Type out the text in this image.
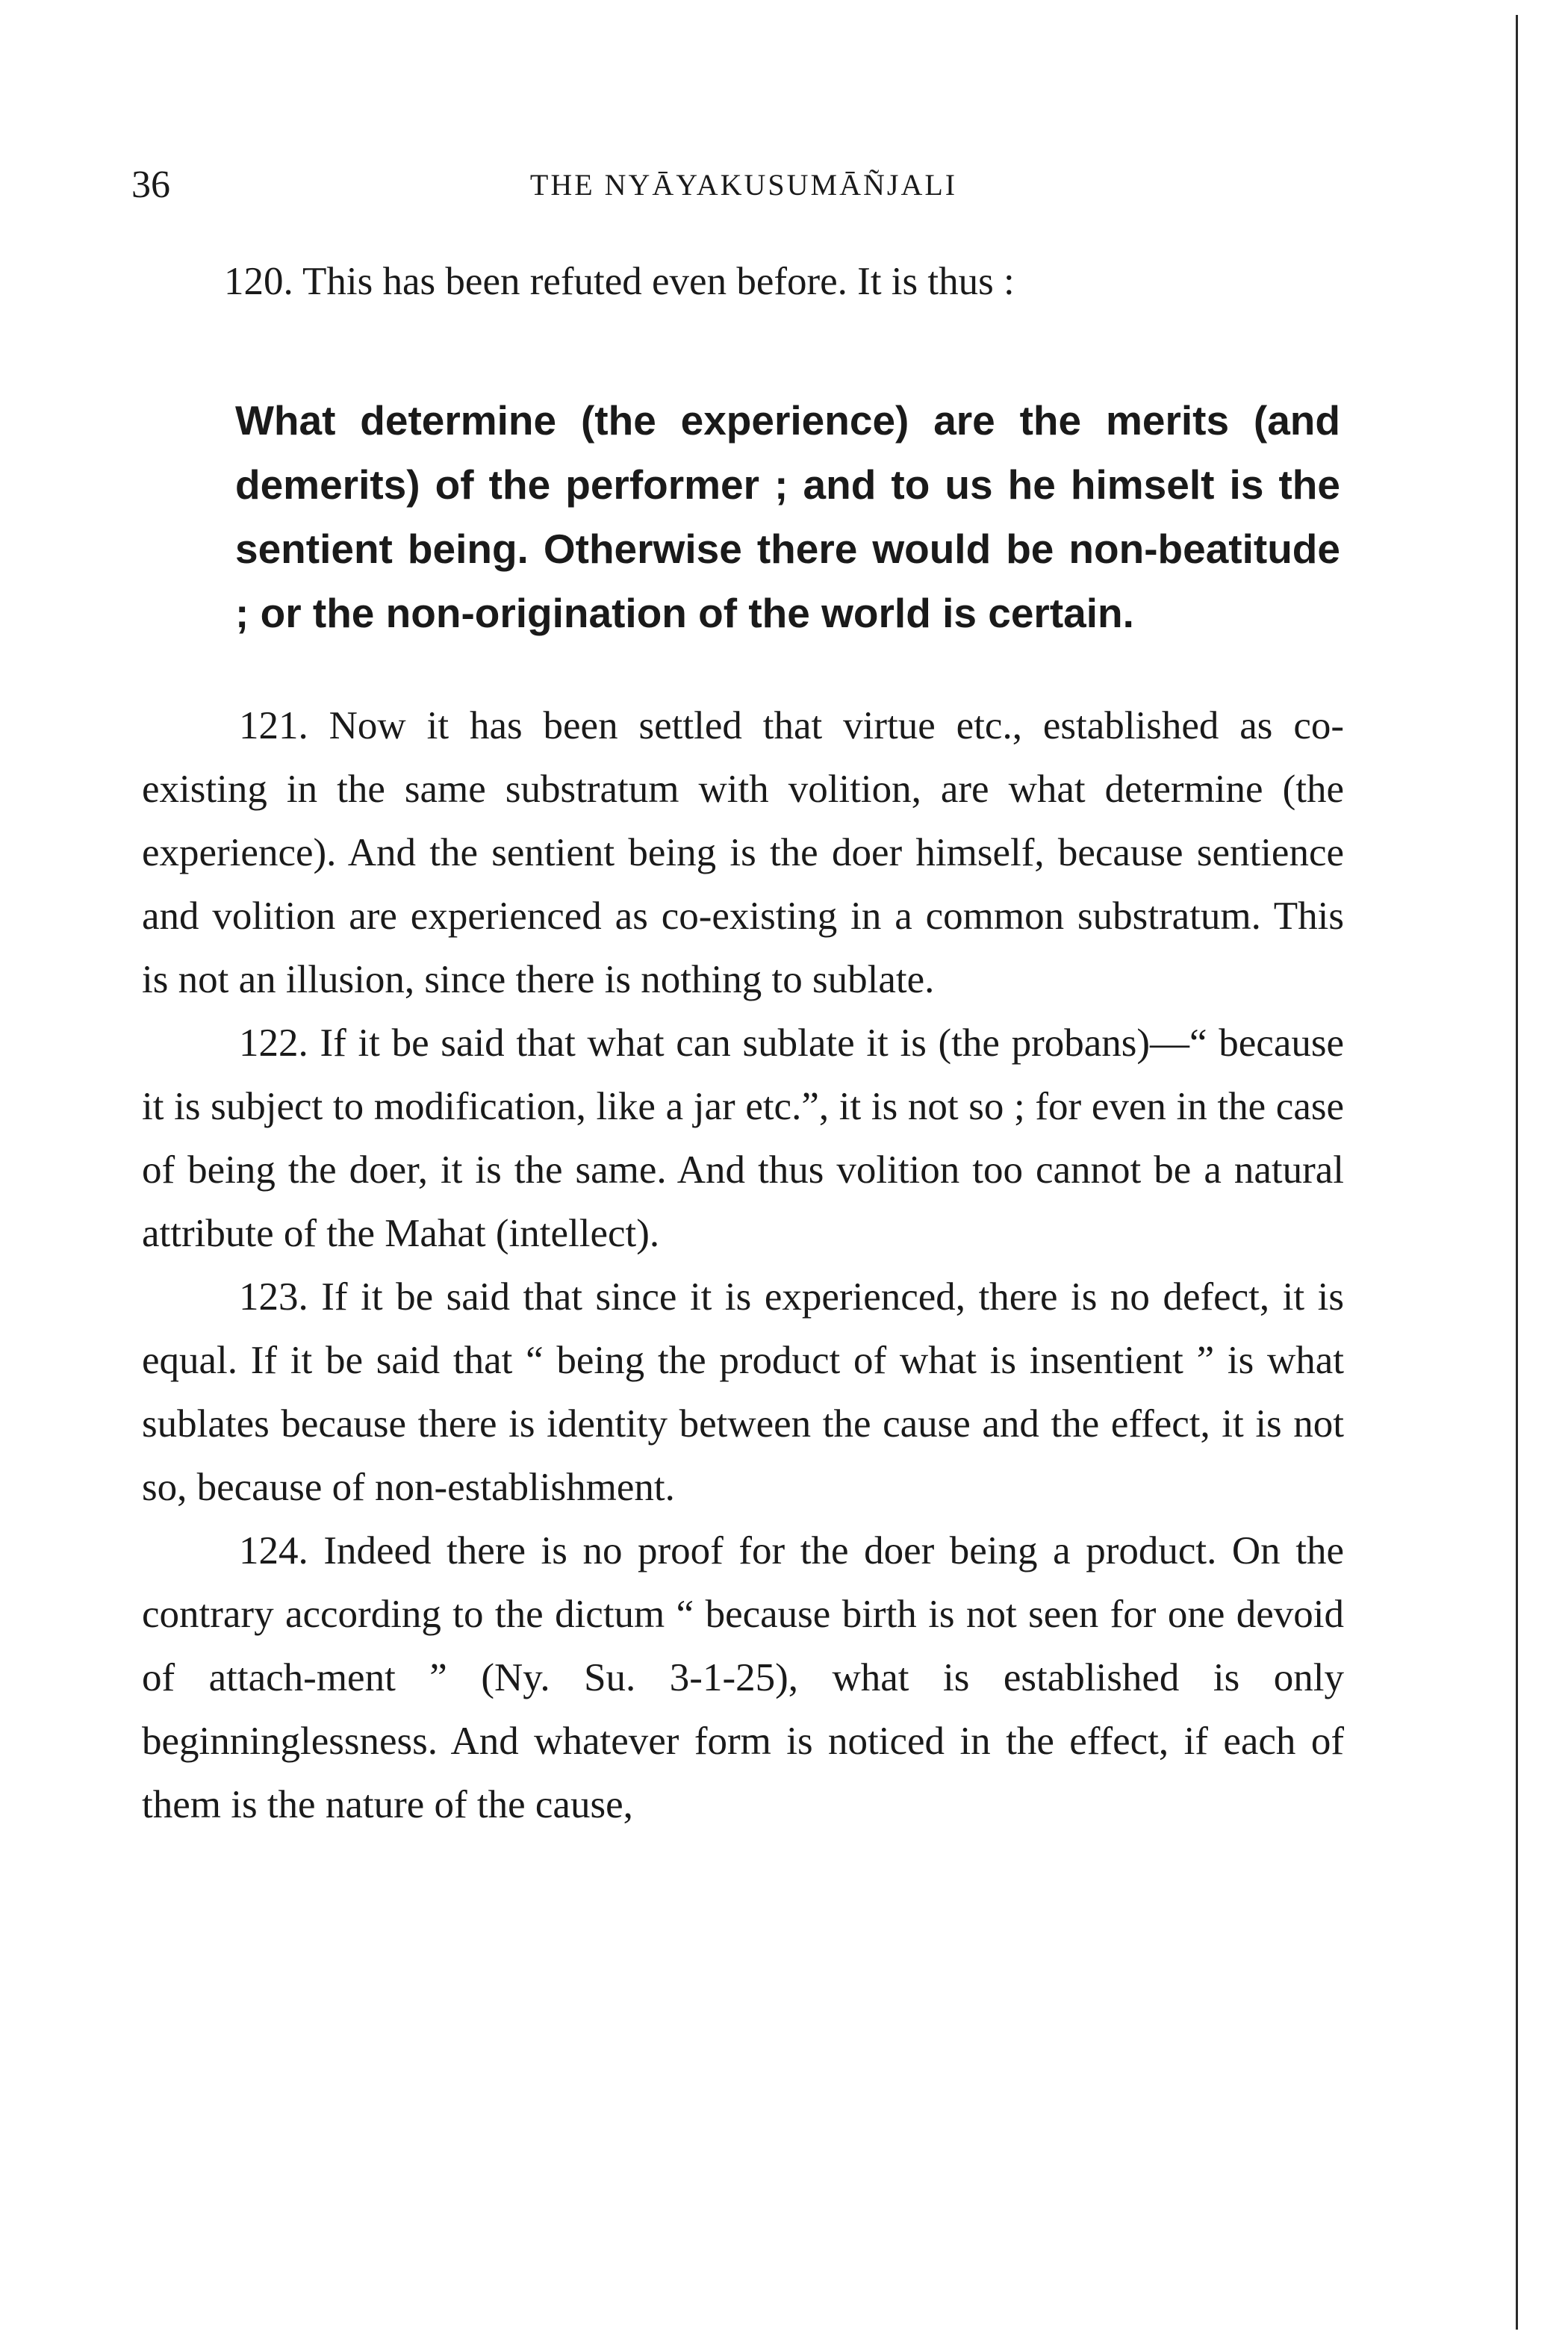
36	THE NYĀYAKUSUMĀÑJALI

120. This has been refuted even before. It is thus :

What determine (the experience) are the merits (and demerits) of the performer ; and to us he himselt is the sentient being. Otherwise there would be non-beatitude ; or the non-origination of the world is certain.

121. Now it has been settled that virtue etc., established as co-existing in the same substratum with volition, are what determine (the experience). And the sentient being is the doer himself, because sentience and volition are experienced as co-existing in a common substratum. This is not an illusion, since there is nothing to sublate.

122. If it be said that what can sublate it is (the probans)—“ because it is subject to modification, like a jar etc.”, it is not so ; for even in the case of being the doer, it is the same. And thus volition too cannot be a natural attribute of the Mahat (intellect).

123. If it be said that since it is experienced, there is no defect, it is equal. If it be said that “ being the product of what is insentient ” is what sublates because there is identity between the cause and the effect, it is not so, because of non-establishment.

124. Indeed there is no proof for the doer being a product. On the contrary according to the dictum “ because birth is not seen for one devoid of attach-ment ” (Ny. Su. 3-1-25), what is established is only beginninglessness. And whatever form is noticed in the effect, if each of them is the nature of the cause,
